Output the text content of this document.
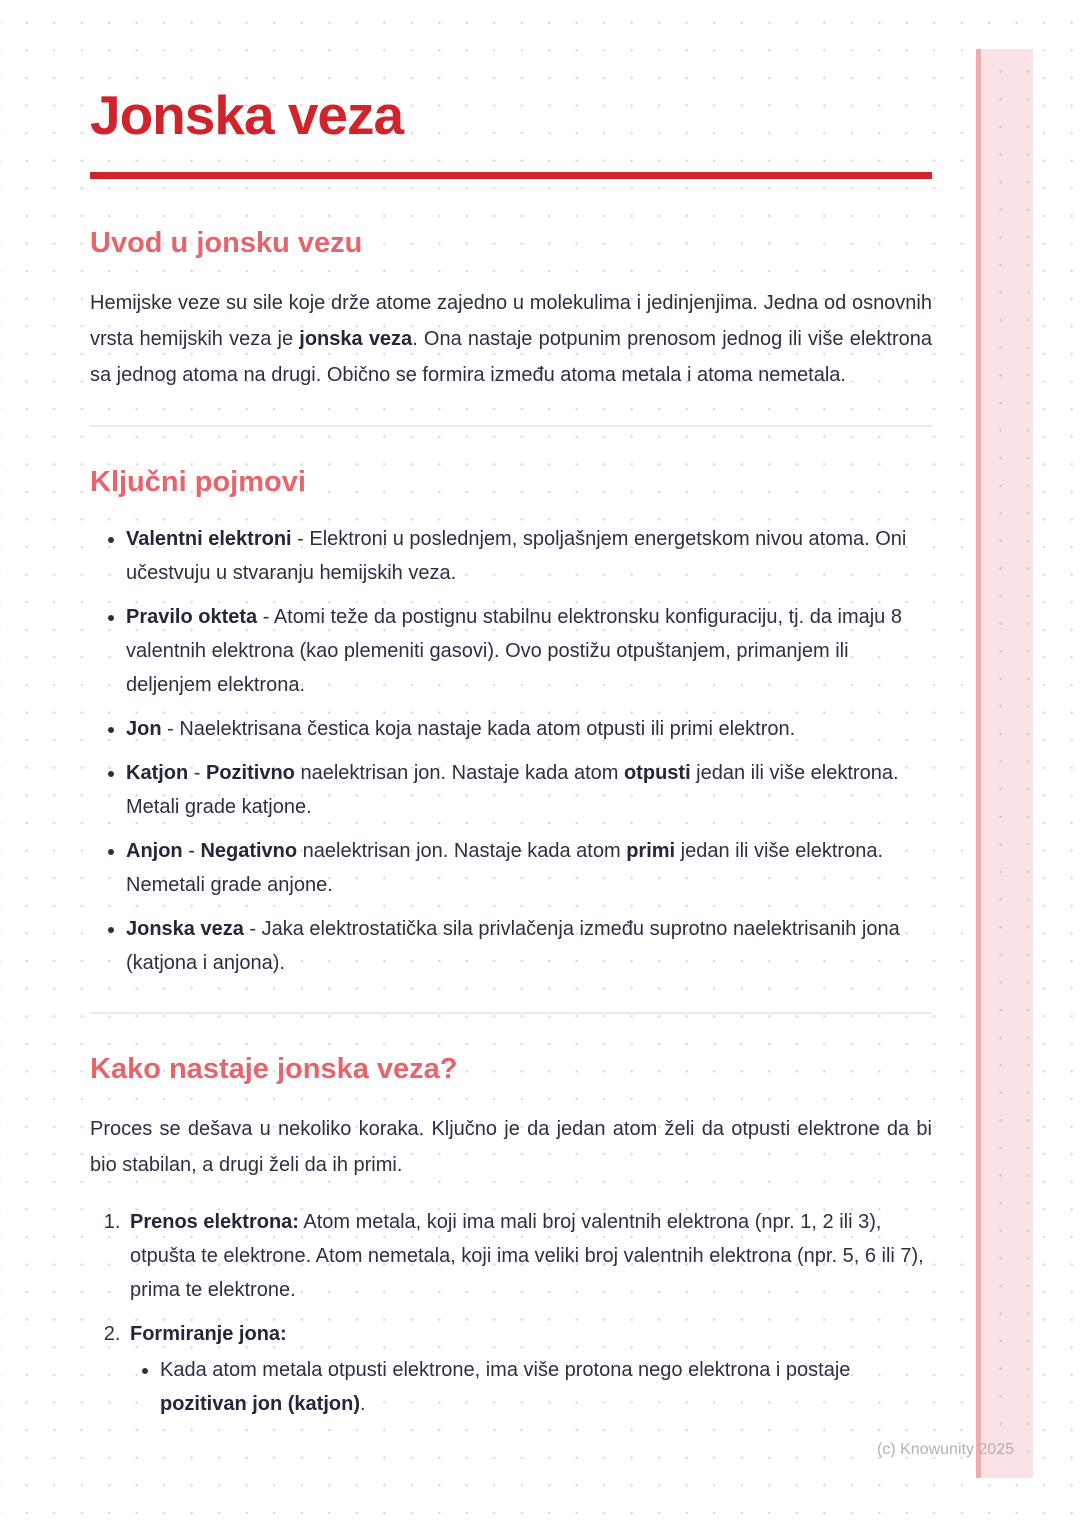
Jonska veza
Uvod u jonsku vezu

Hemijske veze su sile koje drže atome zajedno u molekulima i jedinjenjima. Jedna od osnovnih vrsta hemijskih veza je jonska veza. Ona nastaje potpunim prenosom jednog ili više elektrona sa jednog atoma na drugi. Obično se formira između atoma metala i atoma nemetala.

Ključni pojmovi
• Valentni elektroni - Elektroni u poslednjem, spoljašnjem energetskom nivou atoma. Oni učestvuju u stvaranju hemijskih veza.
• Pravilo okteta - Atomi teže da postignu stabilnu elektronsku konfiguraciju, tj. da imaju 8 valentnih elektrona (kao plemeniti gasovi). Ovo postižu otpuštanjem, primanjem ili deljenjem elektrona.
• Jon - Naelektrisana čestica koja nastaje kada atom otpusti ili primi elektron.
• Katjon - Pozitivno naelektrisan jon. Nastaje kada atom otpusti jedan ili više elektrona. Metali grade katjone.
• Anjon - Negativno naelektrisan jon. Nastaje kada atom primi jedan ili više elektrona. Nemetali grade anjone.
• Jonska veza - Jaka elektrostatička sila privlačenja između suprotno naelektrisanih jona (katjona i anjona).
Kako nastaje jonska veza?

Proces se dešava u nekoliko koraka. Ključno je da jedan atom želi da otpusti elektrone da bi bio stabilan, a drugi želi da ih primi.

1. Prenos elektrona: Atom metala, koji ima mali broj valentnih elektrona (npr. 1, 2 ili 3), otpušta te elektrone. Atom nemetala, koji ima veliki broj valentnih elektrona (npr. 5, 6 ili 7), prima te elektrone.
2. Formiranje jona:
• Kada atom metala otpusti elektrone, ima više protona nego elektrona i postaje pozitivan jon (katjon).
(c) Knowunity 2025
